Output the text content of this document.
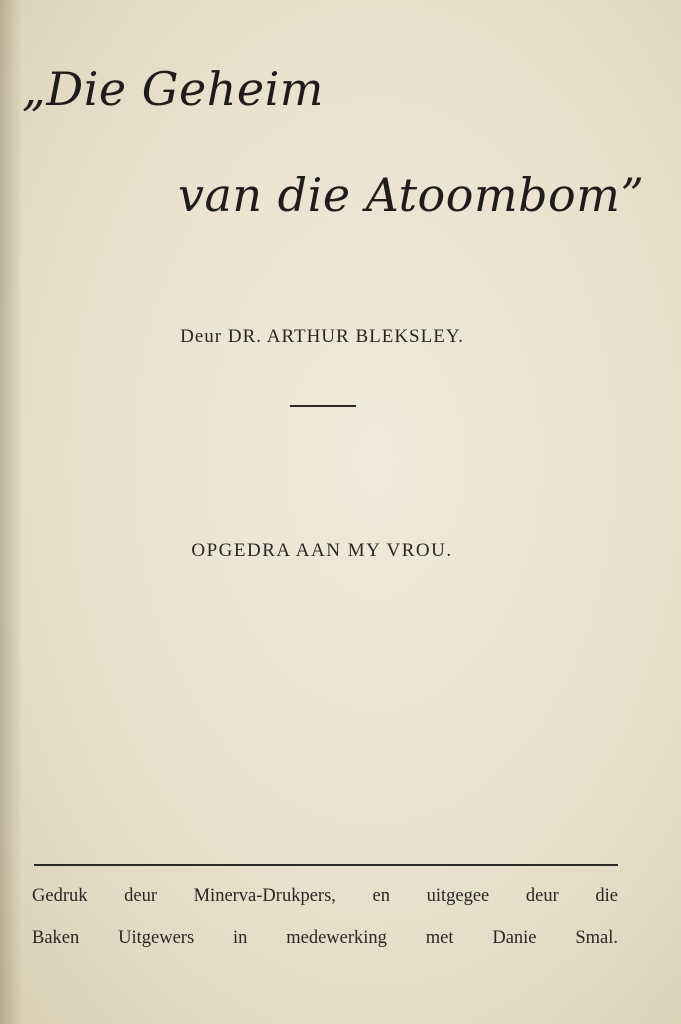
„Die Geheim
van die Atoombom”
Deur DR. ARTHUR BLEKSLEY.
OPGEDRA AAN MY VROU.
Gedruk deur Minerva-Drukpers, en uitgegee deur die
Baken Uitgewers in medewerking met Danie Smal.
